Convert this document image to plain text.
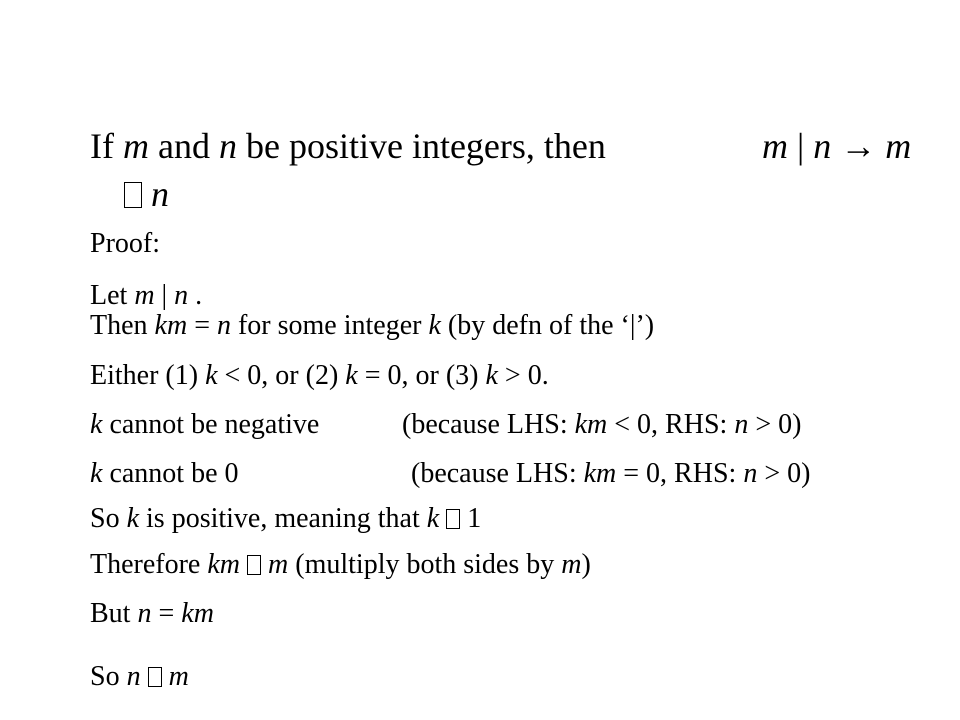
If m and n be positive integers, then	m | n → m
n
Proof:
Let m | n .
Then km = n for some integer k (by defn of the ‘|’)
Either (1) k < 0, or (2) k = 0, or (3) k > 0.
k cannot be negative	(because LHS: km < 0, RHS: n > 0)
k cannot be 0	(because LHS: km = 0, RHS: n > 0)
So k is positive, meaning that k  1
Therefore km m (multiply both sides by m)
But n = km
So n m
